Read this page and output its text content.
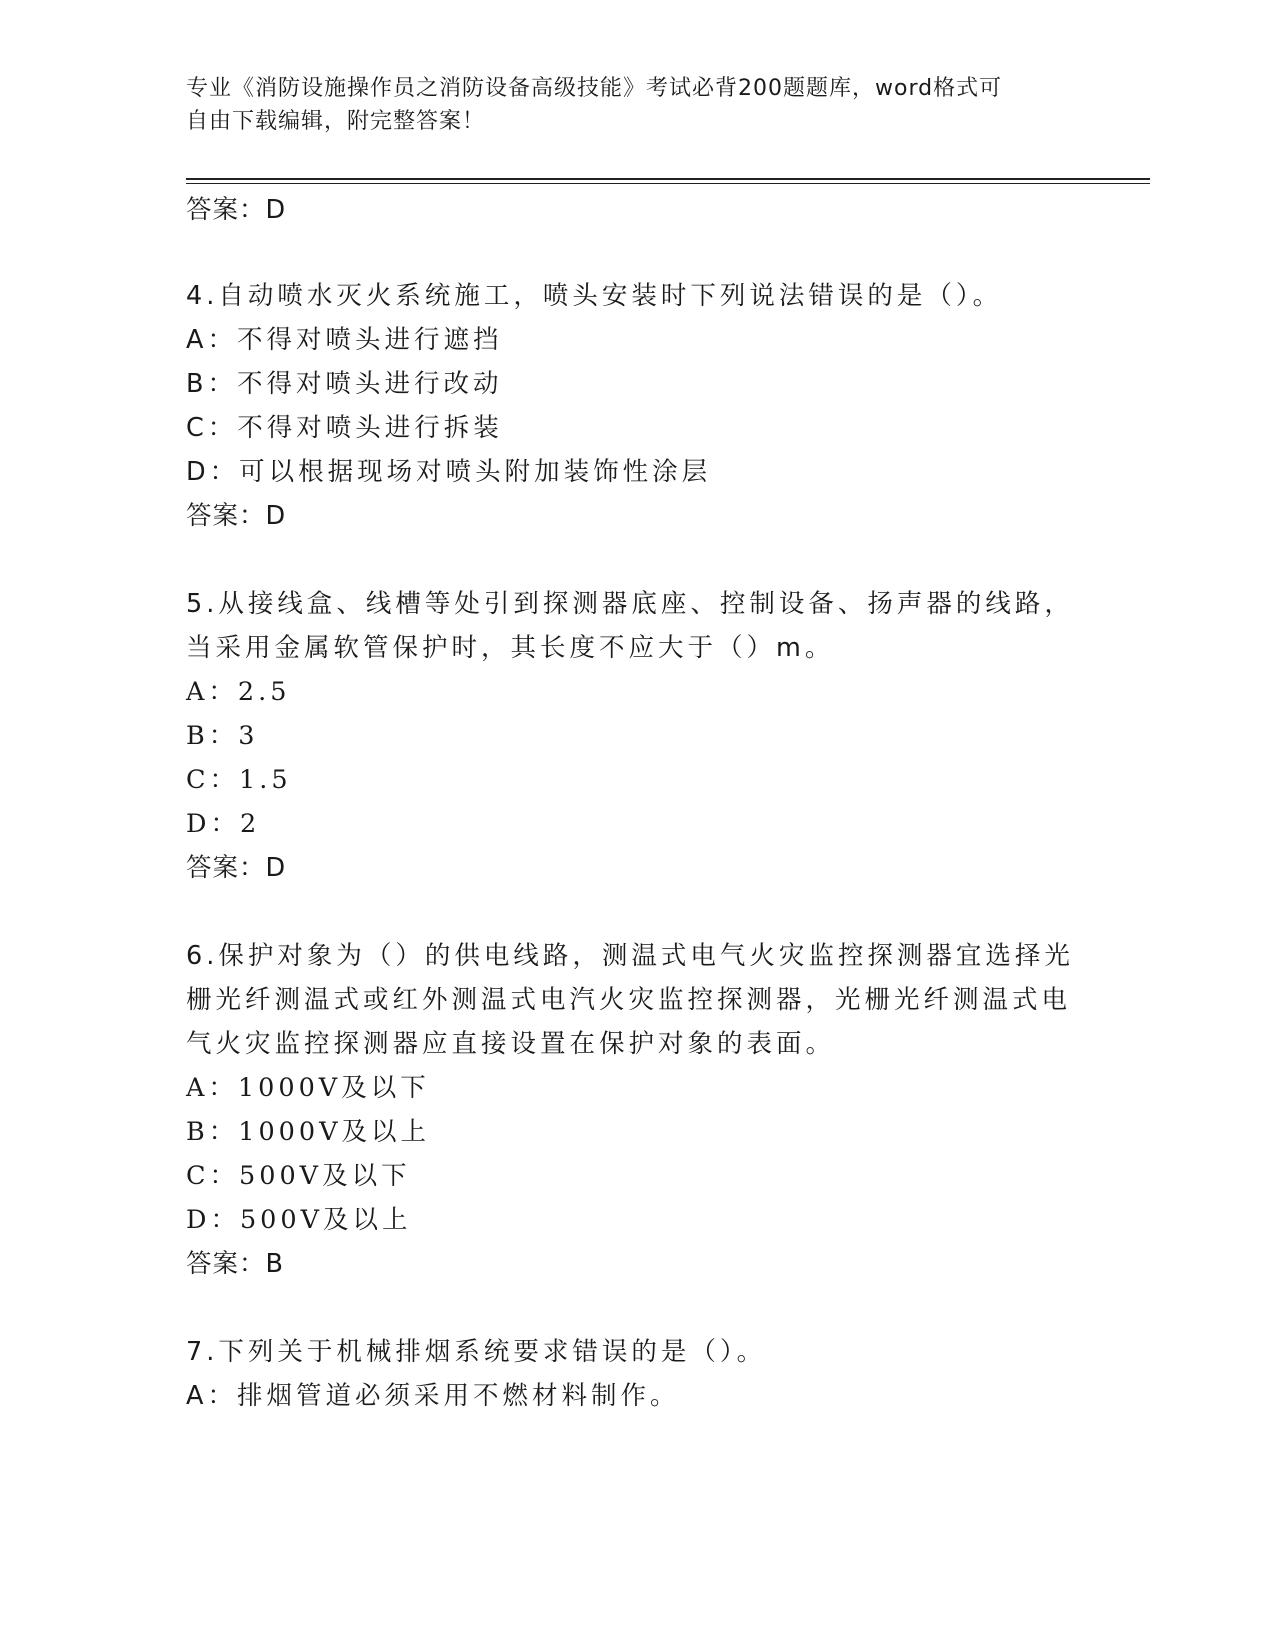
专业《消防设施操作员之消防设备高级技能》考试必背200题题库，word格式可
自由下载编辑，附完整答案！
答案：D
4.自动喷水灭火系统施工，喷头安装时下列说法错误的是（）。
A：不得对喷头进行遮挡
B：不得对喷头进行改动
C：不得对喷头进行拆装
D：可以根据现场对喷头附加装饰性涂层
答案：D
5.从接线盒、线槽等处引到探测器底座、控制设备、扬声器的线路，
当采用金属软管保护时，其长度不应大于（）m。
A：2.5
B：3
C：1.5
D：2
答案：D
6.保护对象为（）的供电线路，测温式电气火灾监控探测器宜选择光
栅光纤测温式或红外测温式电汽火灾监控探测器，光栅光纤测温式电
气火灾监控探测器应直接设置在保护对象的表面。
A：1000V及以下
B：1000V及以上
C：500V及以下
D：500V及以上
答案：B
7.下列关于机械排烟系统要求错误的是（）。
A：排烟管道必须采用不燃材料制作。
